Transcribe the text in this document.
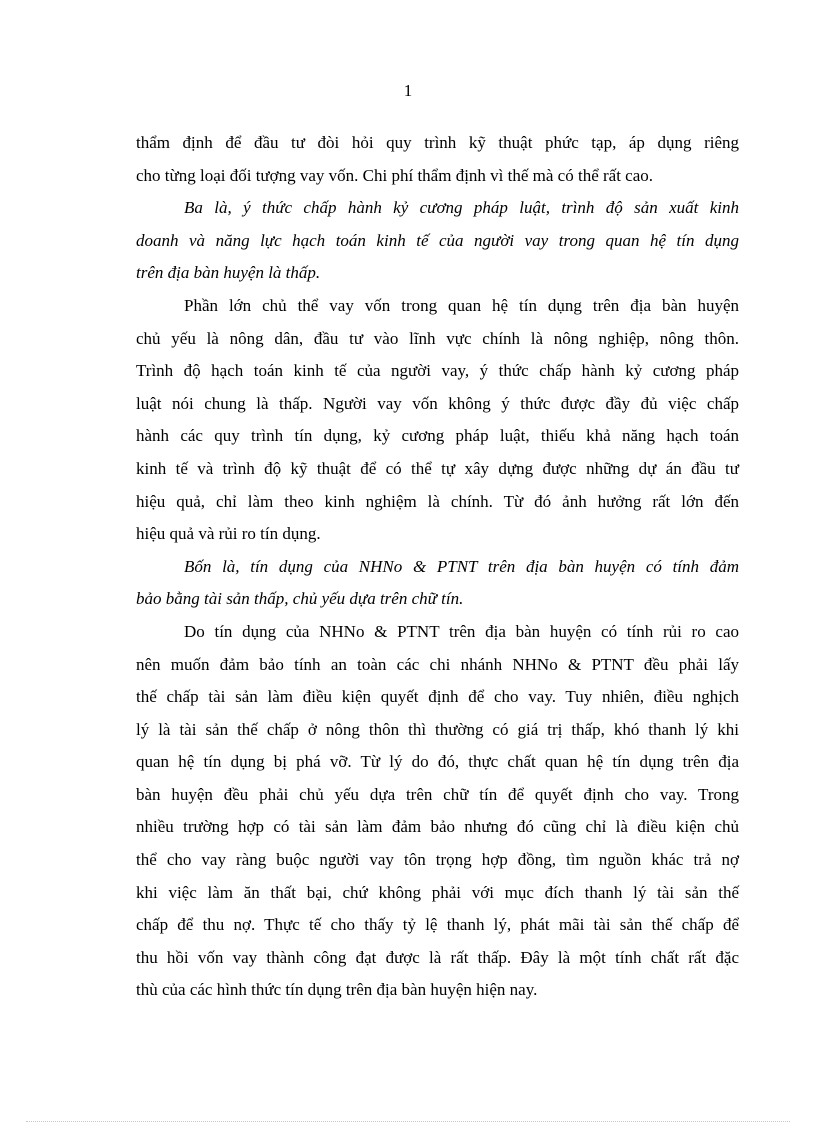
1
thẩm định để đầu tư đòi hỏi quy trình kỹ thuật phức tạp, áp dụng riêng
cho từng loại đối tượng vay vốn. Chi phí thẩm định vì thế mà có thể rất cao.
Ba là, ý thức chấp hành kỷ cương pháp luật, trình độ sản xuất kinh
doanh và năng lực hạch toán kinh tế của người vay trong quan hệ tín dụng
trên địa bàn huyện là thấp.
Phần lớn chủ thể vay vốn trong quan hệ tín dụng trên địa bàn huyện
chủ yếu là nông dân, đầu tư vào lĩnh vực chính là nông nghiệp, nông thôn.
Trình độ hạch toán kinh tế của người vay, ý thức chấp hành kỷ cương pháp
luật nói chung là thấp. Người vay vốn không ý thức được đầy đủ việc chấp
hành các quy trình tín dụng, kỷ cương pháp luật, thiếu khả năng hạch toán
kinh tế và trình độ kỹ thuật để có thể tự xây dựng được những dự án đầu tư
hiệu quả, chỉ làm theo kinh nghiệm là chính. Từ đó ảnh hưởng rất lớn đến
hiệu quả và rủi ro tín dụng.
Bốn là, tín dụng của NHNo & PTNT trên địa bàn huyện có tính đảm
bảo bằng tài sản thấp, chủ yếu dựa trên chữ tín.
Do tín dụng của NHNo & PTNT trên địa bàn huyện có tính rủi ro cao
nên muốn đảm bảo tính an toàn các chi nhánh NHNo & PTNT đều phải lấy
thế chấp tài sản làm điều kiện quyết định để cho vay. Tuy nhiên, điều nghịch
lý là tài sản thế chấp ở nông thôn thì thường có giá trị thấp, khó thanh lý khi
quan hệ tín dụng bị phá vỡ. Từ lý do đó, thực chất quan hệ tín dụng trên địa
bàn huyện đều phải chủ yếu dựa trên chữ tín để quyết định cho vay. Trong
nhiều trường hợp có tài sản làm đảm bảo nhưng đó cũng chỉ là điều kiện chủ
thể cho vay ràng buộc người vay tôn trọng hợp đồng, tìm nguồn khác trả nợ
khi việc làm ăn thất bại, chứ không phải với mục đích thanh lý tài sản thế
chấp để thu nợ. Thực tế cho thấy tỷ lệ thanh lý, phát mãi tài sản thế chấp để
thu hồi vốn vay thành công đạt được là rất thấp. Đây là một tính chất rất đặc
thù của các hình thức tín dụng trên địa bàn huyện hiện nay.
